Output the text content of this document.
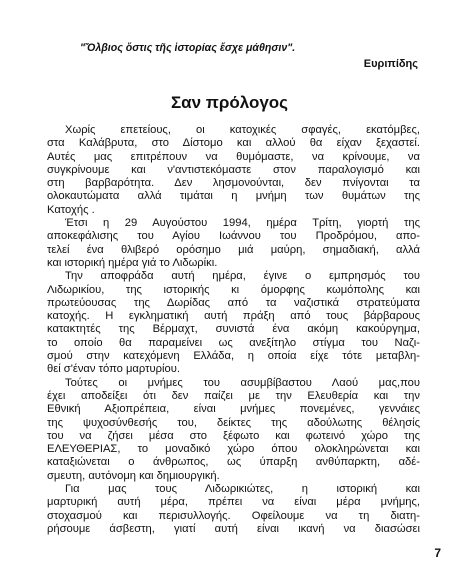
"Ὄλβιος ὅστις τῆς ἱστορίας ἔσχε μάθησιν".
Ευριπίδης
Σαν πρόλογος
Χωρίς επετείους, οι κατοχικές σφαγές, εκατόμβες,
στα Καλάβρυτα, στο Δίστομο και αλλού θα είχαν ξεχαστεί.
Αυτές μας επιτρέπουν να θυμόμαστε, να κρίνουμε, να
συγκρίνουμε και ν'αντιστεκόμαστε στον παραλογισμό και
στη βαρβαρότητα. Δεν λησμονούνται, δεν πνίγονται τα
ολοκαυτώματα αλλά τιμάται η μνήμη των θυμάτων της
Κατοχής .
Έτσι η 29 Αυγούστου 1994, ημέρα Τρίτη, γιορτή της
αποκεφάλισης του Αγίου Ιωάννου του Προδρόμου, απο-
τελεί ένα θλιβερό ορόσημο μιά μαύρη, σημαδιακή, αλλά
και ιστορική ημέρα γιά το Λιδωρίκι.
Την αποφράδα αυτή ημέρα, έγινε ο εμπρησμός του
Λιδωρικίου, της ιστορικής κι όμορφης κωμόπολης και
πρωτεύουσας της Δωρίδας από τα ναζιστικά στρατεύματα
κατοχής. Η εγκληματική αυτή πράξη από τους βάρβαρους
κατακτητές της Βέρμαχτ, συνιστά ένα ακόμη κακούργημα,
το οποίο θα παραμείνει ως ανεξίτηλο στίγμα του Ναζι-
σμού στην κατεχόμενη Ελλάδα, η οποία είχε τότε μεταβλη-
θεί σ'έναν τόπο μαρτυρίου.
Τούτες οι μνήμες του ασυμβίβαστου Λαού μας,που
έχει αποδείξει ότι δεν παίζει με την Ελευθερία και την
Εθνική Αξιοπρέπεια, είναι μνήμες πονεμένες, γεννάιες
της ψυχοσύνθεσής του, δείκτες της αδούλωτης θέλησίς
του να ζήσει μέσα στο ξέφωτο και φωτεινό χώρο της
ΕΛΕΥΘΕΡΙΑΣ, το μοναδικό χώρο όπου ολοκληρώνεται και
καταξιώνεται ο άνθρωπος, ως ύπαρξη ανθύπαρκτη, αδέ-
σμευτη, αυτόνομη και δημιουργική.
Για μας τους Λιδωρικιώτες, η ιστορική και
μαρτυρική αυτή μέρα, πρέπει να είναι μέρα μνήμης,
στοχασμού και περισυλλογής. Οφείλουμε να τη διατη-
ρήσουμε άσβεστη, γιατί αυτή είναι ικανή να διασώσει
7
